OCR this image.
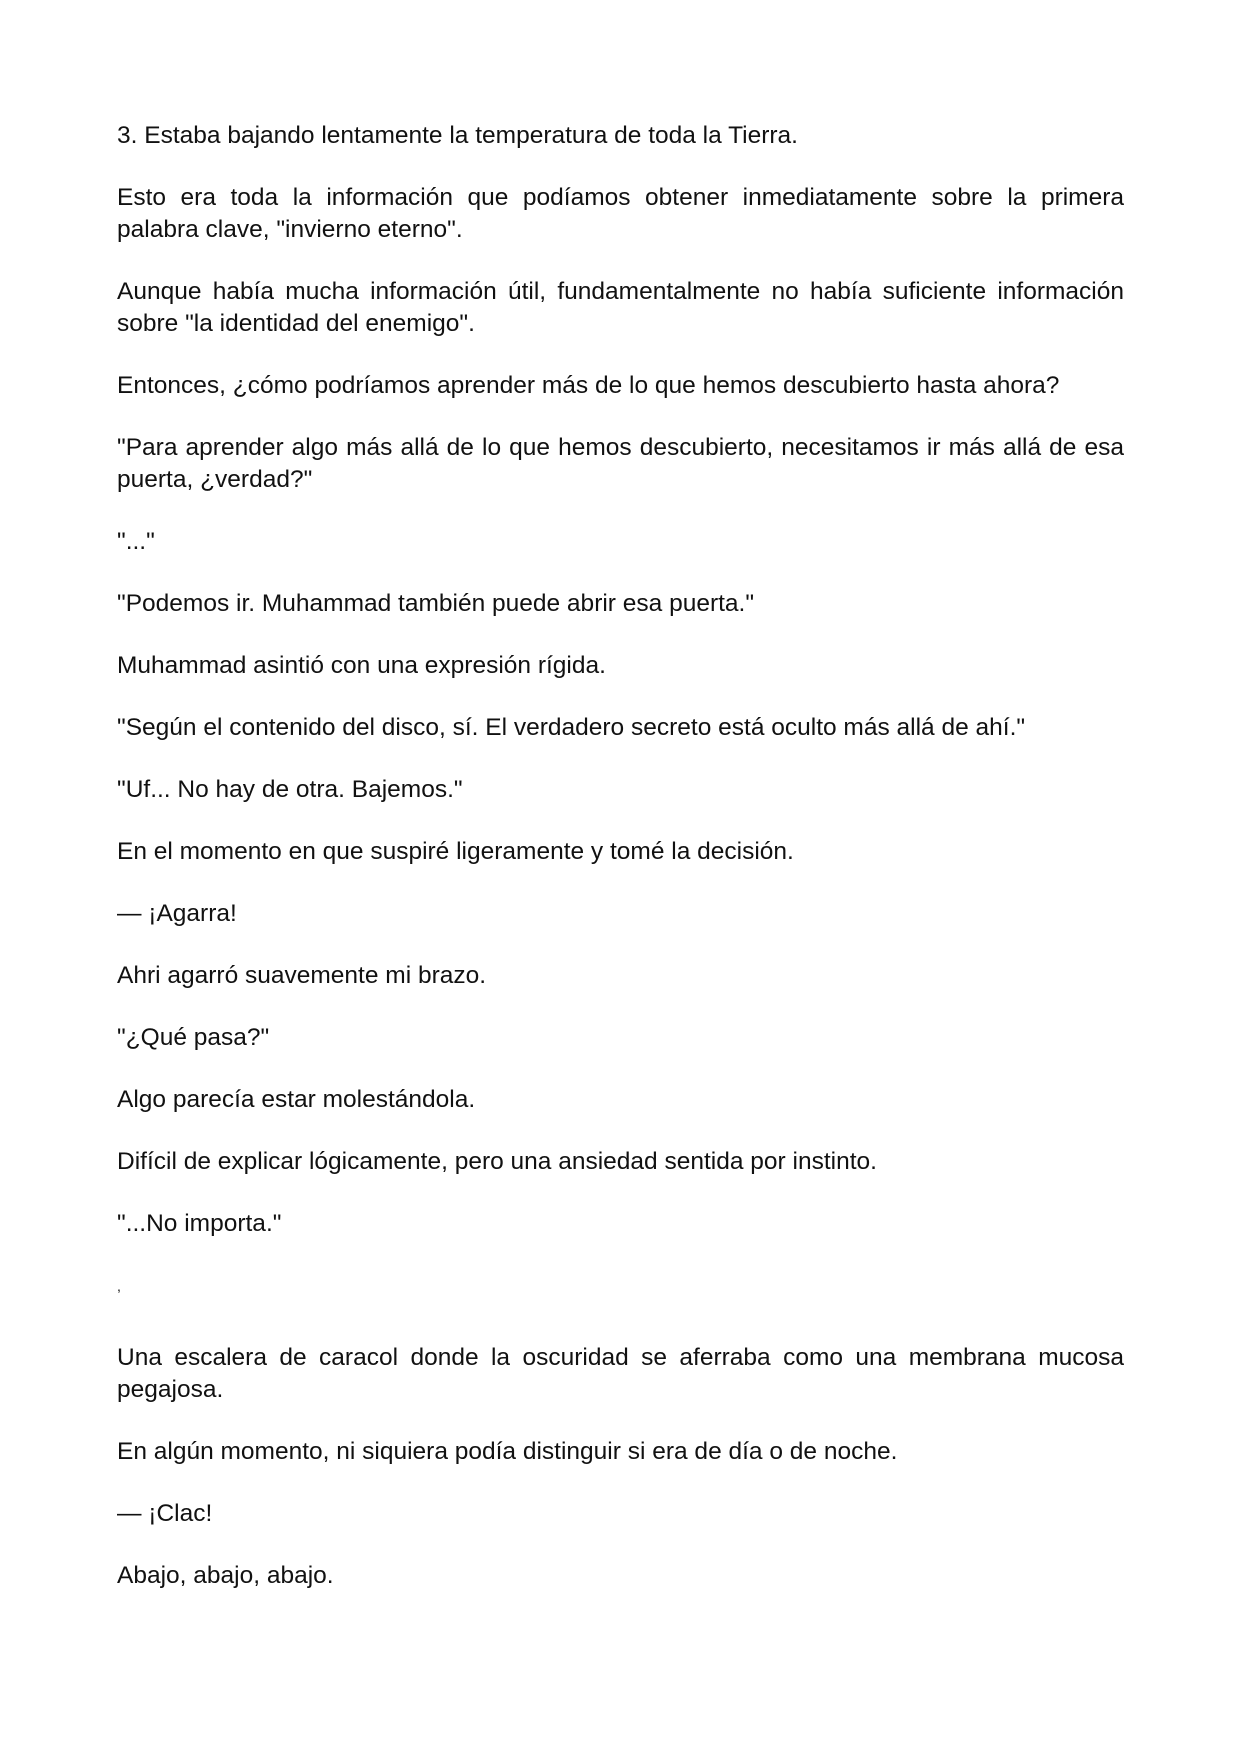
3. Estaba bajando lentamente la temperatura de toda la Tierra.

Esto era toda la información que podíamos obtener inmediatamente sobre la primera palabra clave, "invierno eterno".

Aunque había mucha información útil, fundamentalmente no había suficiente información sobre "la identidad del enemigo".

Entonces, ¿cómo podríamos aprender más de lo que hemos descubierto hasta ahora?

"Para aprender algo más allá de lo que hemos descubierto, necesitamos ir más allá de esa puerta, ¿verdad?"

"..."

"Podemos ir. Muhammad también puede abrir esa puerta."

Muhammad asintió con una expresión rígida.

"Según el contenido del disco, sí. El verdadero secreto está oculto más allá de ahí."

"Uf... No hay de otra. Bajemos."

En el momento en que suspiré ligeramente y tomé la decisión.

— ¡Agarra!

Ahri agarró suavemente mi brazo.

"¿Qué pasa?"

Algo parecía estar molestándola.

Difícil de explicar lógicamente, pero una ansiedad sentida por instinto.

"...No importa."

,

Una escalera de caracol donde la oscuridad se aferraba como una membrana mucosa pegajosa.

En algún momento, ni siquiera podía distinguir si era de día o de noche.

— ¡Clac!

Abajo, abajo, abajo.
